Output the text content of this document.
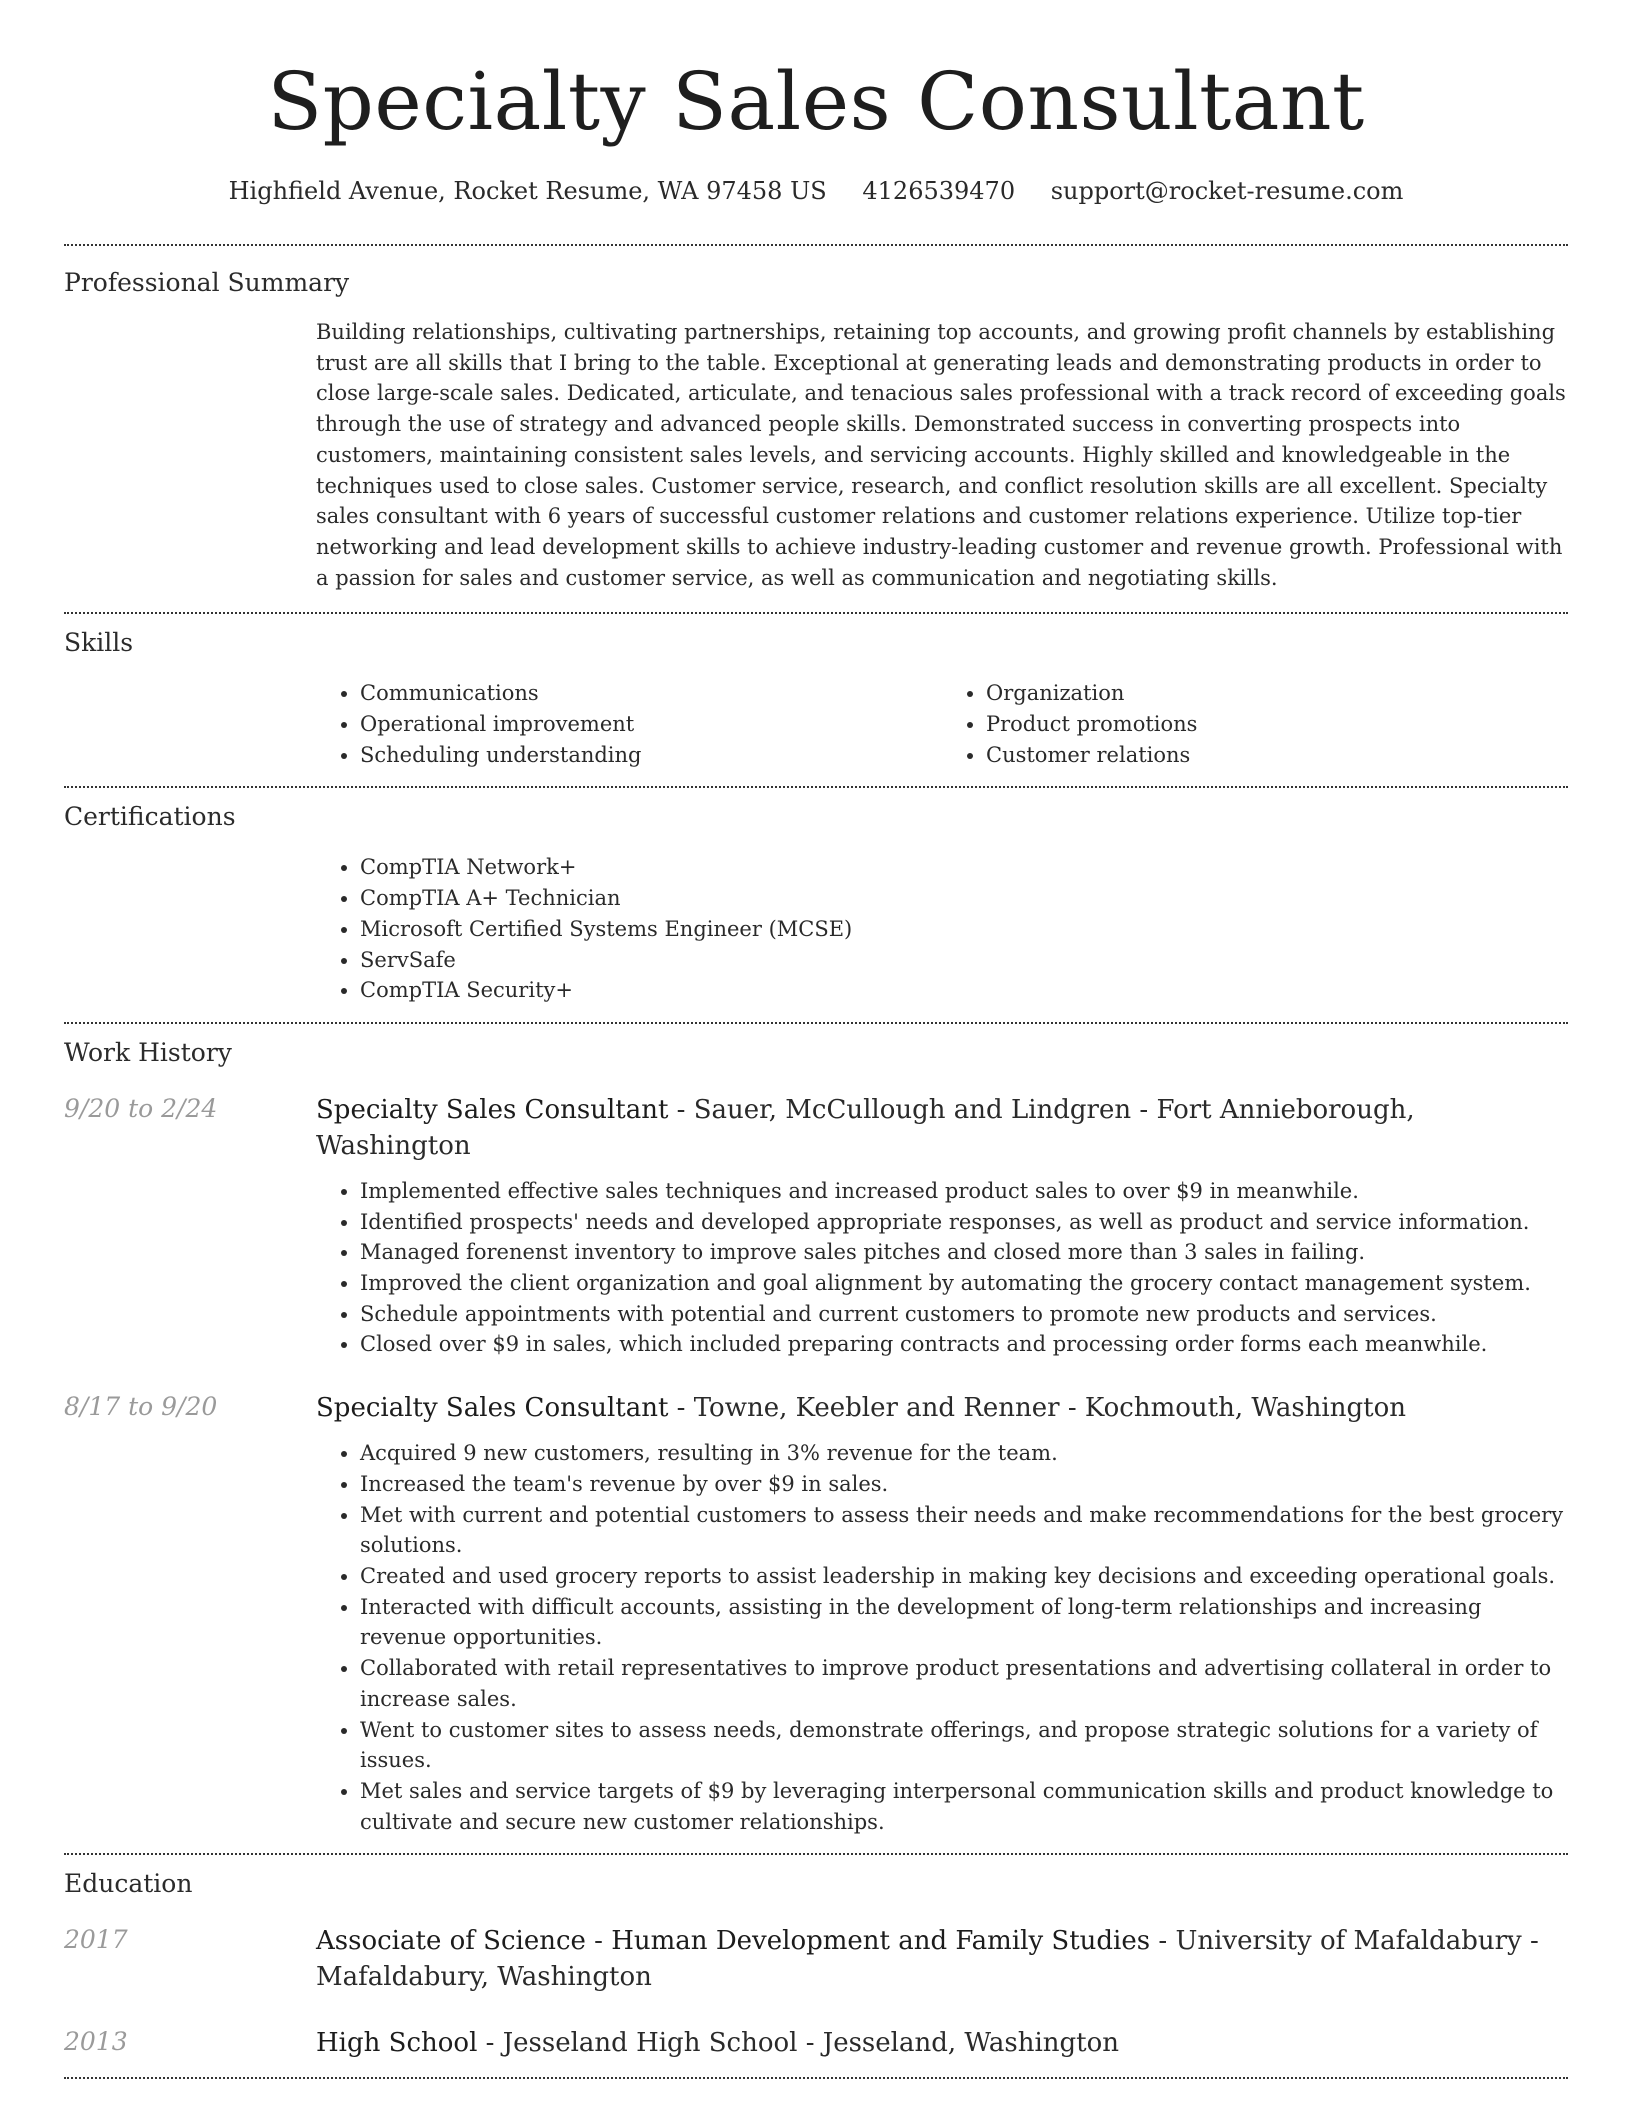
Specialty Sales Consultant
Highfield Avenue, Rocket Resume, WA 97458 US 4126539470 support@rocket-resume.com
Professional Summary

Building relationships, cultivating partnerships, retaining top accounts, and growing profit channels by establishing trust are all skills that I bring to the table. Exceptional at generating leads and demonstrating products in order to close large-scale sales. Dedicated, articulate, and tenacious sales professional with a track record of exceeding goals through the use of strategy and advanced people skills. Demonstrated success in converting prospects into customers, maintaining consistent sales levels, and servicing accounts. Highly skilled and knowledgeable in the techniques used to close sales. Customer service, research, and conflict resolution skills are all excellent. Specialty sales consultant with 6 years of successful customer relations and customer relations experience. Utilize top-tier networking and lead development skills to achieve industry-leading customer and revenue growth. Professional with a passion for sales and customer service, as well as communication and negotiating skills.

Skills
• Communications
• Operational improvement
• Scheduling understanding
• Organization
• Product promotions
• Customer relations
Certifications
• CompTIA Network+
• CompTIA A+ Technician
• Microsoft Certified Systems Engineer (MCSE)
• ServSafe
• CompTIA Security+
Work History
9/20 to 2/24	Specialty Sales Consultant - Sauer, McCullough and Lindgren - Fort Annieborough, Washington
• Implemented effective sales techniques and increased product sales to over $9 in meanwhile.
• Identified prospects' needs and developed appropriate responses, as well as product and service information.
• Managed forenenst inventory to improve sales pitches and closed more than 3 sales in failing.
• Improved the client organization and goal alignment by automating the grocery contact management system.
• Schedule appointments with potential and current customers to promote new products and services.
• Closed over $9 in sales, which included preparing contracts and processing order forms each meanwhile.
8/17 to 9/20	Specialty Sales Consultant - Towne, Keebler and Renner - Kochmouth, Washington
• Acquired 9 new customers, resulting in 3% revenue for the team.
• Increased the team's revenue by over $9 in sales.
• Met with current and potential customers to assess their needs and make recommendations for the best grocery solutions.
• Created and used grocery reports to assist leadership in making key decisions and exceeding operational goals.
• Interacted with difficult accounts, assisting in the development of long-term relationships and increasing revenue opportunities.
• Collaborated with retail representatives to improve product presentations and advertising collateral in order to increase sales.
• Went to customer sites to assess needs, demonstrate offerings, and propose strategic solutions for a variety of issues.
• Met sales and service targets of $9 by leveraging interpersonal communication skills and product knowledge to cultivate and secure new customer relationships.
Education
2017	Associate of Science - Human Development and Family Studies - University of Mafaldabury - Mafaldabury, Washington
2013	High School - Jesseland High School - Jesseland, Washington
